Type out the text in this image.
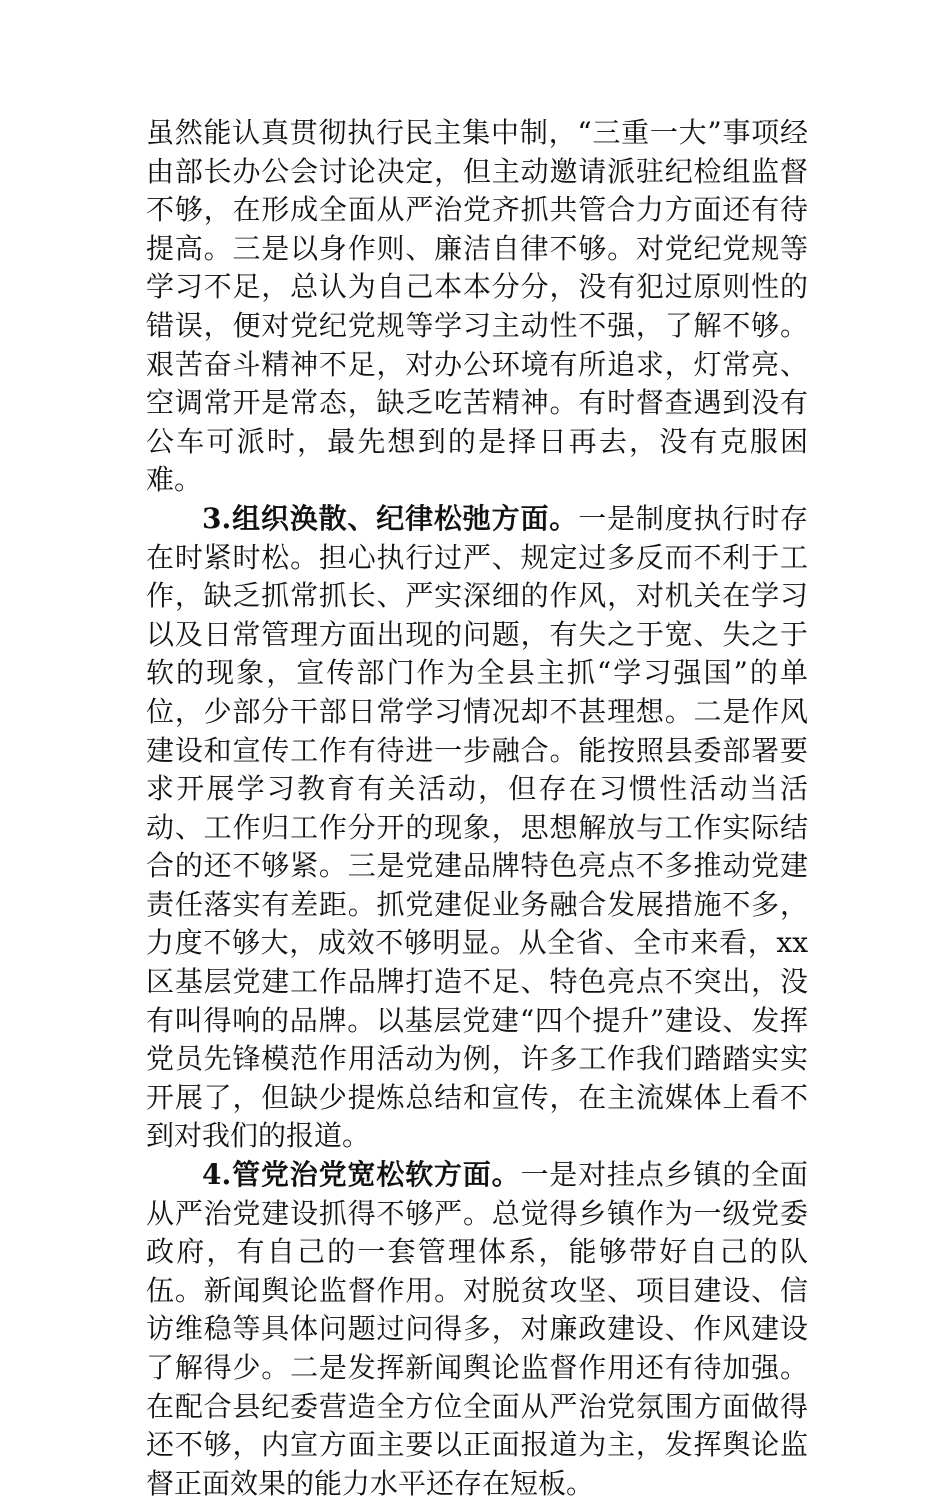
虽然能认真贯彻执行民主集中制，“三重一大”事项经由部长办公会讨论决定，但主动邀请派驻纪检组监督不够，在形成全面从严治党齐抓共管合力方面还有待提高。三是以身作则、廉洁自律不够。对党纪党规等学习不足，总认为自己本本分分，没有犯过原则性的错误，便对党纪党规等学习主动性不强，了解不够。艰苦奋斗精神不足，对办公环境有所追求，灯常亮、空调常开是常态，缺乏吃苦精神。有时督查遇到没有公车可派时，最先想到的是择日再去，没有克服困难。

3.组织涣散、纪律松弛方面。一是制度执行时存在时紧时松。担心执行过严、规定过多反而不利于工作，缺乏抓常抓长、严实深细的作风，对机关在学习以及日常管理方面出现的问题，有失之于宽、失之于软的现象，宣传部门作为全县主抓“学习强国”的单位，少部分干部日常学习情况却不甚理想。二是作风建设和宣传工作有待进一步融合。能按照县委部署要求开展学习教育有关活动，但存在习惯性活动当活动、工作归工作分开的现象，思想解放与工作实际结合的还不够紧。三是党建品牌特色亮点不多推动党建责任落实有差距。抓党建促业务融合发展措施不多，力度不够大，成效不够明显。从全省、全市来看，xx区基层党建工作品牌打造不足、特色亮点不突出，没有叫得响的品牌。以基层党建“四个提升”建设、发挥党员先锋模范作用活动为例，许多工作我们踏踏实实开展了，但缺少提炼总结和宣传，在主流媒体上看不到对我们的报道。

4.管党治党宽松软方面。一是对挂点乡镇的全面从严治党建设抓得不够严。总觉得乡镇作为一级党委政府，有自己的一套管理体系，能够带好自己的队伍。新闻舆论监督作用。对脱贫攻坚、项目建设、信访维稳等具体问题过问得多，对廉政建设、作风建设了解得少。二是发挥新闻舆论监督作用还有待加强。在配合县纪委营造全方位全面从严治党氛围方面做得还不够，内宣方面主要以正面报道为主，发挥舆论监督正面效果的能力水平还存在短板。
